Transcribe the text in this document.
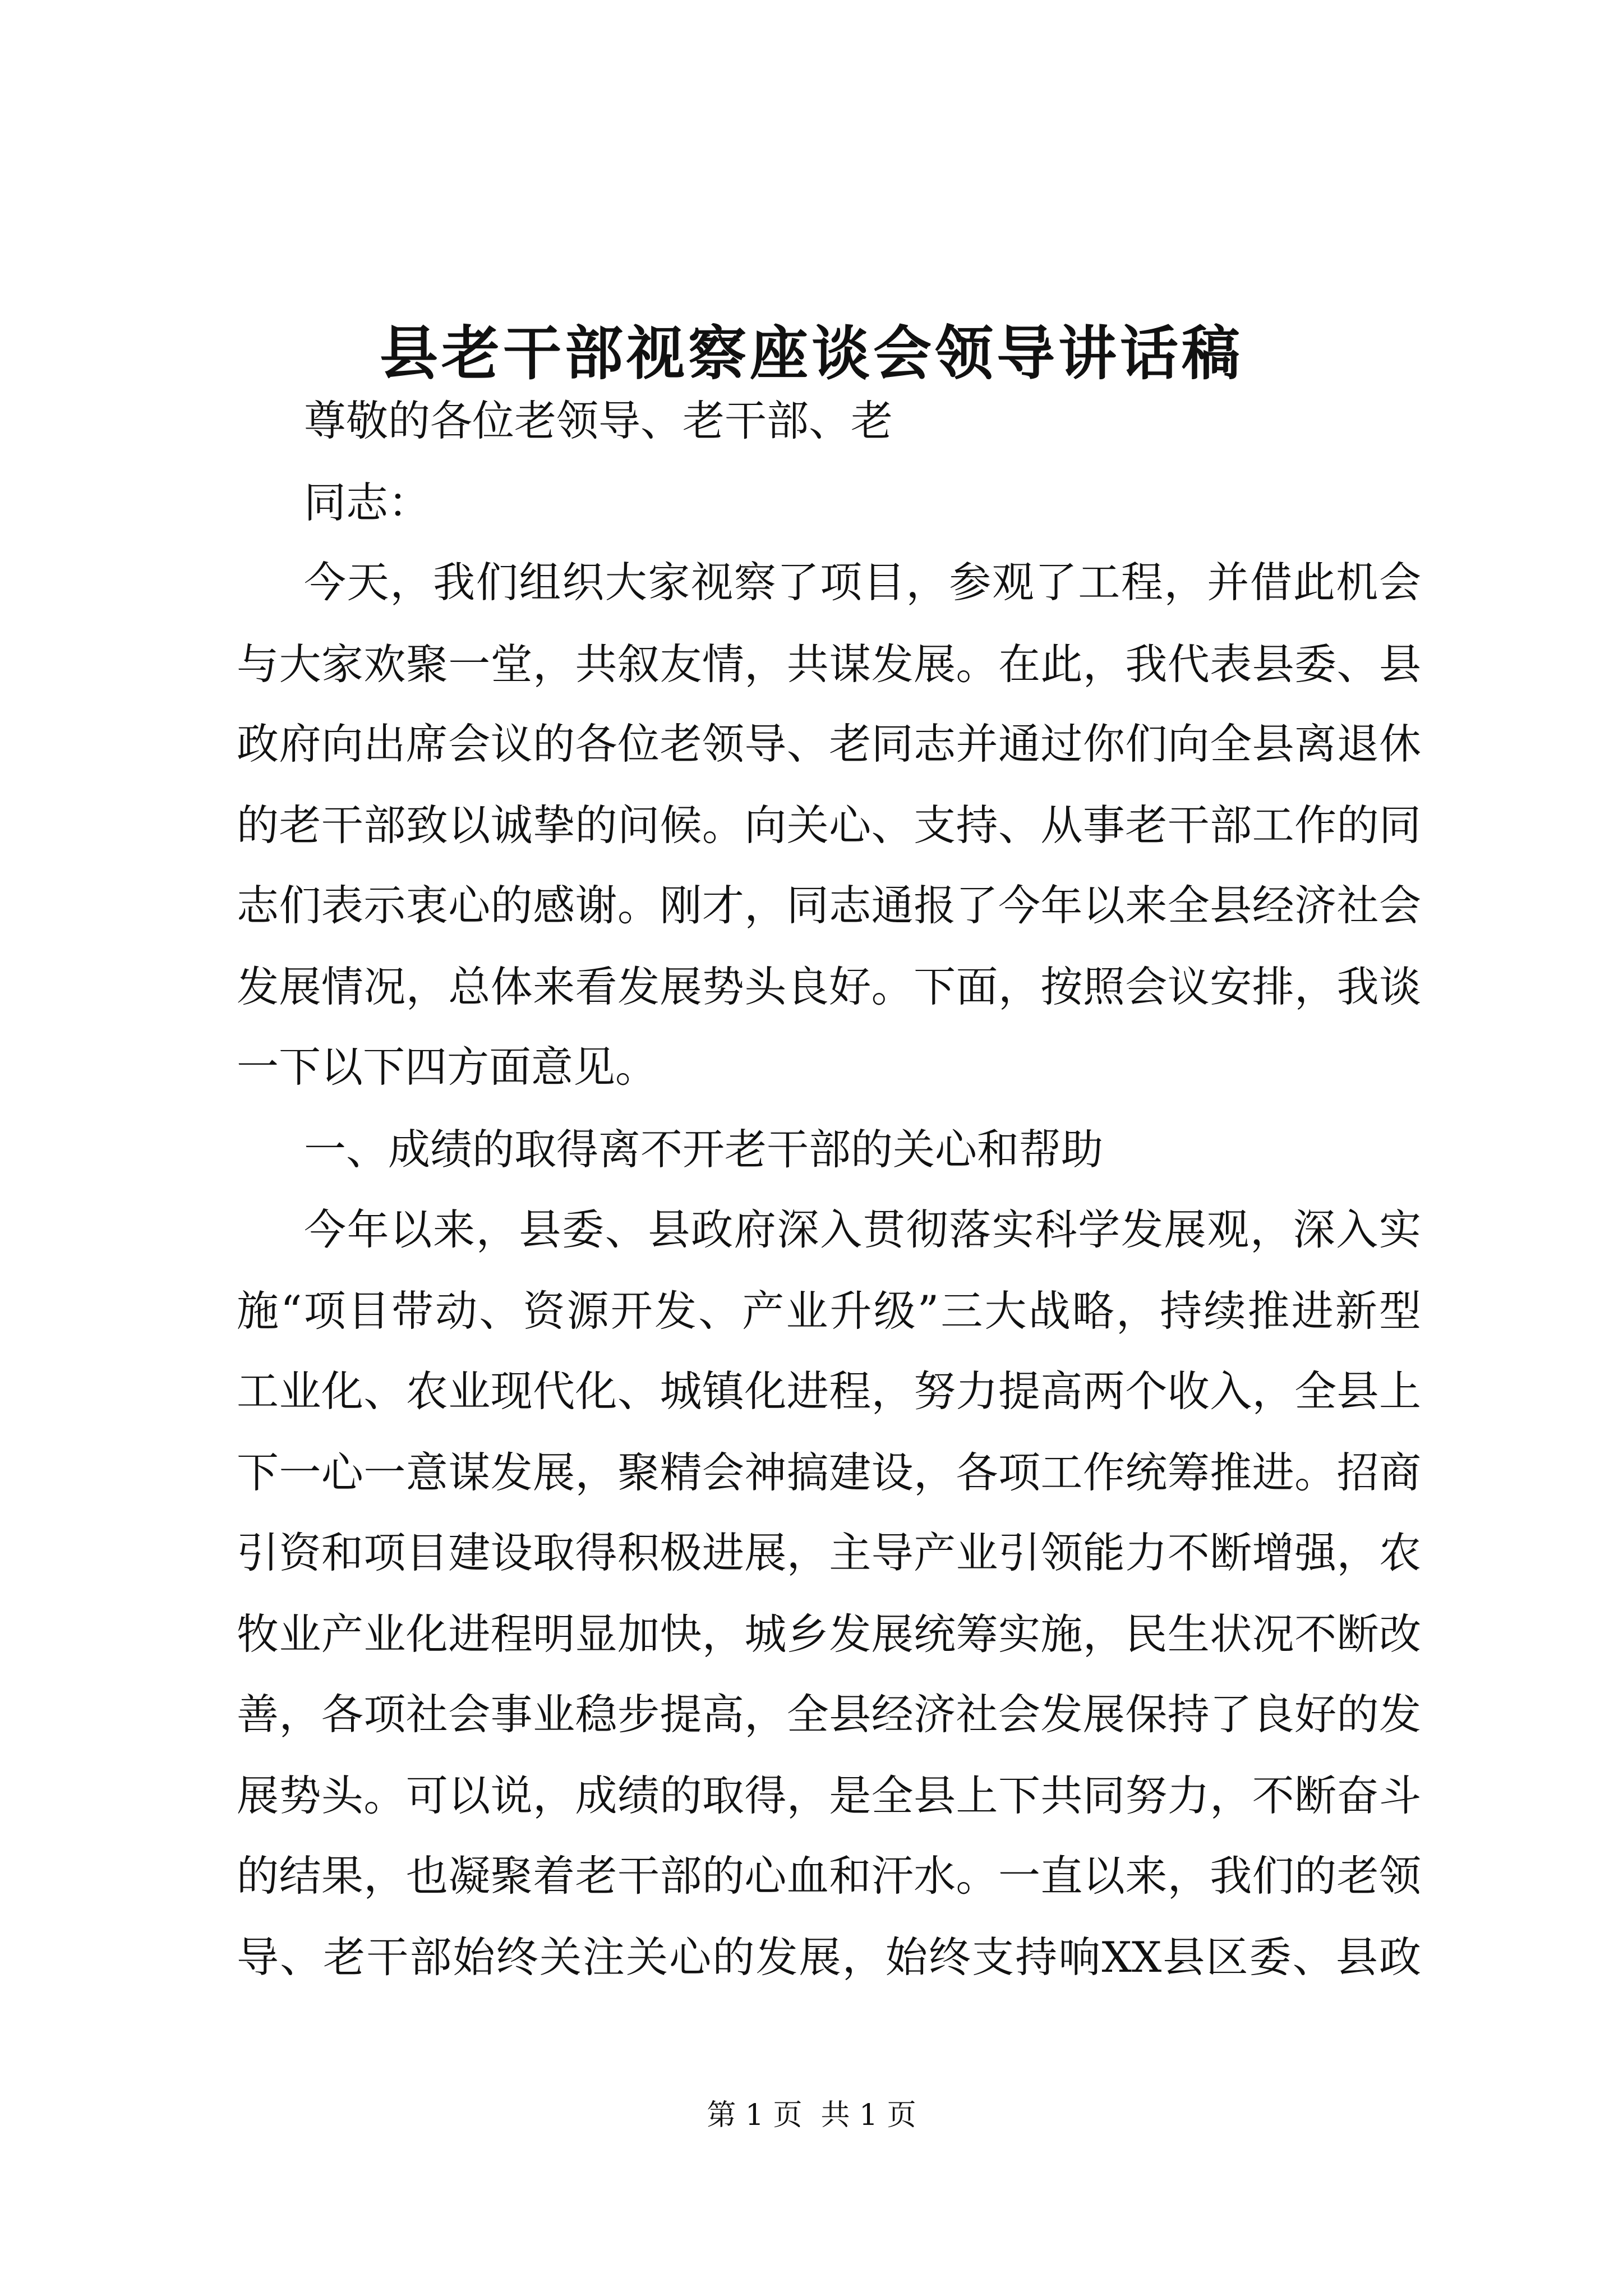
县老干部视察座谈会领导讲话稿
尊敬的各位老领导、老干部、老
同志：
今天，我们组织大家视察了项目，参观了工程，并借此机会
与大家欢聚一堂，共叙友情，共谋发展。在此，我代表县委、县
政府向出席会议的各位老领导、老同志并通过你们向全县离退休
的老干部致以诚挚的问候。向关心、支持、从事老干部工作的同
志们表示衷心的感谢。刚才，同志通报了今年以来全县经济社会
发展情况，总体来看发展势头良好。下面，按照会议安排，我谈
一下以下四方面意见。
一、成绩的取得离不开老干部的关心和帮助
今年以来，县委、县政府深入贯彻落实科学发展观，深入实
施“项目带动、资源开发、产业升级”三大战略，持续推进新型
工业化、农业现代化、城镇化进程，努力提高两个收入，全县上
下一心一意谋发展，聚精会神搞建设，各项工作统筹推进。招商
引资和项目建设取得积极进展，主导产业引领能力不断增强，农
牧业产业化进程明显加快，城乡发展统筹实施，民生状况不断改
善，各项社会事业稳步提高，全县经济社会发展保持了良好的发
展势头。可以说，成绩的取得，是全县上下共同努力，不断奋斗
的结果，也凝聚着老干部的心血和汗水。一直以来，我们的老领
导、老干部始终关注关心的发展，始终支持响XX县区委、县政
第 1 页  共 1 页
